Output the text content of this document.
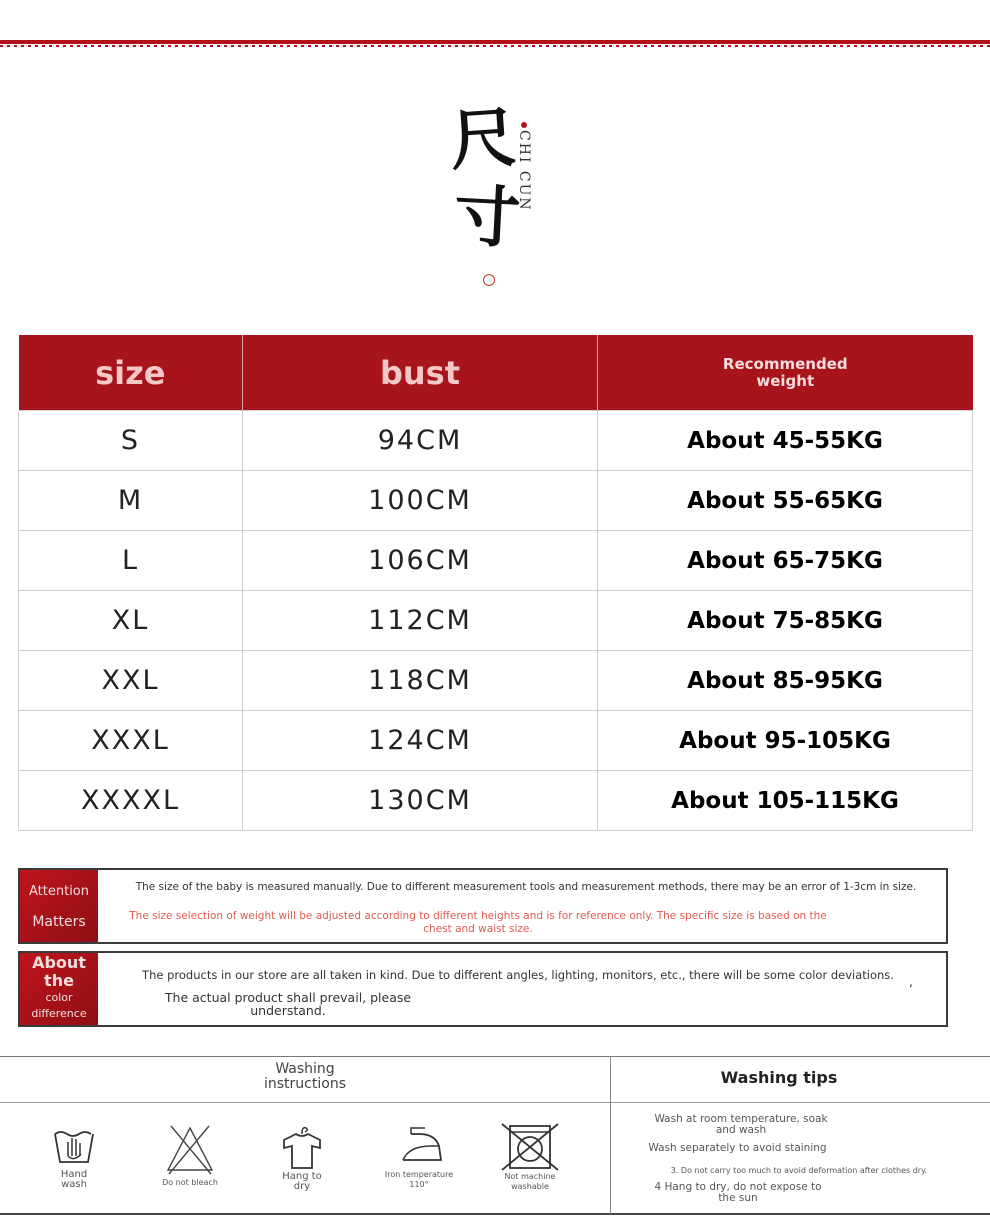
尺
寸
CHI CUN
size	bust	Recommended weight

S	94CM	About 45-55KG
M	100CM	About 55-65KG
L	106CM	About 65-75KG
XL	112CM	About 75-85KG
XXL	118CM	About 85-95KG
XXXL	124CM	About 95-105KG
XXXXL	130CM	About 105-115KG
Attention
Matters
The size of the baby is measured manually. Due to different measurement tools and measurement methods, there may be an error of 1-3cm in size.
The size selection of weight will be adjusted according to different heights and is for reference only. The specific size is based on the chest and waist size.
About
the
color
difference
The products in our store are all taken in kind. Due to different angles, lighting, monitors, etc., there will be some color deviations.
The actual product shall prevail, please understand.
,
Washing instructions	Washing tips
Hand wash	Do not bleach
Hang to dry
Iron temperature 110°
Not machine washable
Wash at room temperature, soak and wash
Wash separately to avoid staining
3. Do not carry too much to avoid deformation after clothes dry.
4 Hang to dry, do not expose to the sun
